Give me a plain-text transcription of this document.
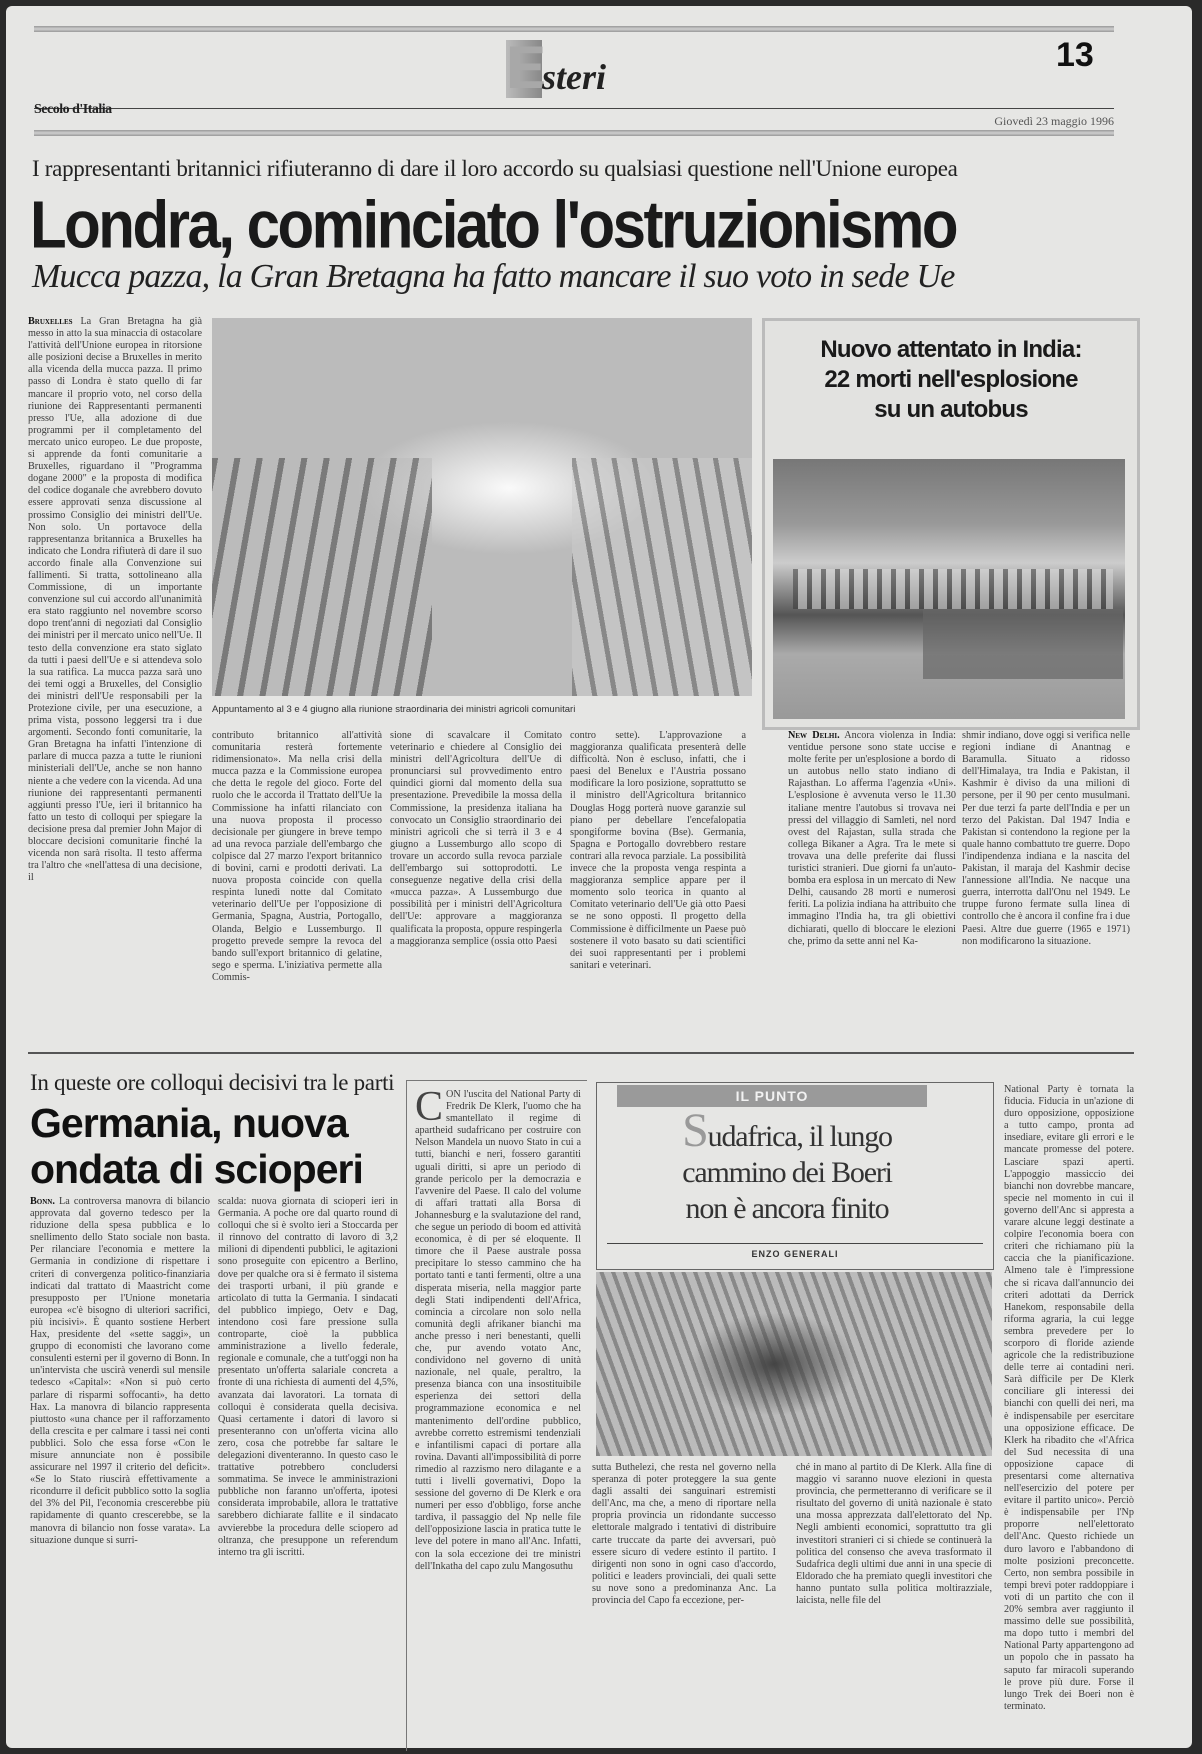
E
steri
13
Secolo d'Italia
Giovedì 23 maggio 1996
I rappresentanti britannici rifiuteranno di dare il loro accordo su qualsiasi questione nell'Unione europea
Londra, cominciato l'ostruzionismo
Mucca pazza, la Gran Bretagna ha fatto mancare il suo voto in sede Ue
Bruxelles La Gran Bretagna ha già messo in atto la sua minaccia di ostacolare l'attività dell'Unione europea in ritorsione alle posizioni decise a Bruxelles in merito alla vicenda della mucca pazza. Il primo passo di Londra è stato quello di far mancare il proprio voto, nel corso della riunione dei Rappresentanti permanenti presso l'Ue, alla adozione di due programmi per il completamento del mercato unico europeo. Le due proposte, si apprende da fonti comunitarie a Bruxelles, riguardano il "Programma dogane 2000" e la proposta di modifica del codice doganale che avrebbero dovuto essere approvati senza discussione al prossimo Consiglio dei ministri dell'Ue. Non solo. Un portavoce della rappresentanza britannica a Bruxelles ha indicato che Londra rifiuterà di dare il suo accordo finale alla Convenzione sui fallimenti. Si tratta, sottolineano alla Commissione, di un importante convenzione sul cui accordo all'unanimità era stato raggiunto nel novembre scorso dopo trent'anni di negoziati dal Consiglio dei ministri per il mercato unico nell'Ue. Il testo della convenzione era stato siglato da tutti i paesi dell'Ue e si attendeva solo la sua ratifica. La mucca pazza sarà uno dei temi oggi a Bruxelles, del Consiglio dei ministri dell'Ue responsabili per la Protezione civile, per una esecuzione, a prima vista, possono leggersi tra i due argomenti. Secondo fonti comunitarie, la Gran Bretagna ha infatti l'intenzione di parlare di mucca pazza a tutte le riunioni ministeriali dell'Ue, anche se non hanno niente a che vedere con la vicenda. Ad una riunione dei rappresentanti permanenti aggiunti presso l'Ue, ieri il britannico ha fatto un testo di colloqui per spiegare la decisione presa dal premier John Major di bloccare decisioni comunitarie finché la vicenda non sarà risolta. Il testo afferma tra l'altro che «nell'attesa di una decisione, il
Appuntamento al 3 e 4 giugno alla riunione straordinaria dei ministri agricoli comunitari
contributo britannico all'attività comunitaria resterà fortemente ridimensionato». Ma nella crisi della mucca pazza e la Commissione europea che detta le regole del gioco. Forte del ruolo che le accorda il Trattato dell'Ue la Commissione ha infatti rilanciato con una nuova proposta il processo decisionale per giungere in breve tempo ad una revoca parziale dell'embargo che colpisce dal 27 marzo l'export britannico di bovini, carni e prodotti derivati. La nuova proposta coincide con quella respinta lunedì notte dal Comitato veterinario dell'Ue per l'opposizione di Germania, Spagna, Austria, Portogallo, Olanda, Belgio e Lussemburgo. Il progetto prevede sempre la revoca del bando sull'export britannico di gelatine, sego e sperma. L'iniziativa permette alla Commis-
sione di scavalcare il Comitato veterinario e chiedere al Consiglio dei ministri dell'Agricoltura dell'Ue di pronunciarsi sul provvedimento entro quindici giorni dal momento della sua presentazione. Prevedibile la mossa della Commissione, la presidenza italiana ha convocato un Consiglio straordinario dei ministri agricoli che si terrà il 3 e 4 giugno a Lussemburgo allo scopo di trovare un accordo sulla revoca parziale dell'embargo sui sottoprodotti. Le conseguenze negative della crisi della «mucca pazza». A Lussemburgo due possibilità per i ministri dell'Agricoltura dell'Ue: approvare a maggioranza qualificata la proposta, oppure respingerla a maggioranza semplice (ossia otto Paesi
contro sette). L'approvazione a maggioranza qualificata presenterà delle difficoltà. Non è escluso, infatti, che i paesi del Benelux e l'Austria possano modificare la loro posizione, soprattutto se il ministro dell'Agricoltura britannico Douglas Hogg porterà nuove garanzie sul piano per debellare l'encefalopatia spongiforme bovina (Bse). Germania, Spagna e Portogallo dovrebbero restare contrari alla revoca parziale. La possibilità invece che la proposta venga respinta a maggioranza semplice appare per il momento solo teorica in quanto al Comitato veterinario dell'Ue già otto Paesi se ne sono opposti. Il progetto della Commissione è difficilmente un Paese può sostenere il voto basato su dati scientifici dei suoi rappresentanti per i problemi sanitari e veterinari.
Nuovo attentato in India:
22 morti nell'esplosione
su un autobus
New Delhi. Ancora violenza in India: ventidue persone sono state uccise e molte ferite per un'esplosione a bordo di un autobus nello stato indiano di Rajasthan. Lo afferma l'agenzia «Uni». L'esplosione è avvenuta verso le 11.30 italiane mentre l'autobus si trovava nei pressi del villaggio di Samleti, nel nord ovest del Rajastan, sulla strada che collega Bikaner a Agra. Tra le mete si trovava una delle preferite dai flussi turistici stranieri. Due giorni fa un'auto-bomba era esplosa in un mercato di New Delhi, causando 28 morti e numerosi feriti. La polizia indiana ha attribuito che immagino l'India ha, tra gli obiettivi dichiarati, quello di bloccare le elezioni che, primo da sette anni nel Ka-
shmir indiano, dove oggi si verifica nelle regioni indiane di Anantnag e Baramulla. Situato a ridosso dell'Himalaya, tra India e Pakistan, il Kashmir è diviso da una milioni di persone, per il 90 per cento musulmani. Per due terzi fa parte dell'India e per un terzo del Pakistan. Dal 1947 India e Pakistan si contendono la regione per la quale hanno combattuto tre guerre. Dopo l'indipendenza indiana e la nascita del Pakistan, il maraja del Kashmir decise l'annessione all'India. Ne nacque una guerra, interrotta dall'Onu nel 1949. Le truppe furono fermate sulla linea di controllo che è ancora il confine fra i due Paesi. Altre due guerre (1965 e 1971) non modificarono la situazione.
In queste ore colloqui decisivi tra le parti
Germania, nuova
ondata di scioperi
Bonn. La controversa manovra di bilancio approvata dal governo tedesco per la riduzione della spesa pubblica e lo snellimento dello Stato sociale non basta. Per rilanciare l'economia e mettere la Germania in condizione di rispettare i criteri di convergenza politico-finanziaria indicati dal trattato di Maastricht come presupposto per l'Unione monetaria europea «c'è bisogno di ulteriori sacrifici, più incisivi». È quanto sostiene Herbert Hax, presidente del «sette saggi», un gruppo di economisti che lavorano come consulenti esterni per il governo di Bonn. In un'intervista che uscirà venerdì sul mensile tedesco «Capital»: «Non si può certo parlare di risparmi soffocanti», ha detto Hax. La manovra di bilancio rappresenta piuttosto «una chance per il rafforzamento della crescita e per calmare i tassi nei conti pubblici. Solo che essa forse «Con le misure annunciate non è possibile assicurare nel 1997 il criterio del deficit». «Se lo Stato riuscirà effettivamente a ricondurre il deficit pubblico sotto la soglia del 3% del Pil, l'economia crescerebbe più rapidamente di quanto crescerebbe, se la manovra di bilancio non fosse varata». La situazione dunque si surri-
scalda: nuova giornata di scioperi ieri in Germania. A poche ore dal quarto round di colloqui che si è svolto ieri a Stoccarda per il rinnovo del contratto di lavoro di 3,2 milioni di dipendenti pubblici, le agitazioni sono proseguite con epicentro a Berlino, dove per qualche ora si è fermato il sistema dei trasporti urbani, il più grande e articolato di tutta la Germania. I sindacati del pubblico impiego, Oetv e Dag, intendono così fare pressione sulla controparte, cioè la pubblica amministrazione a livello federale, regionale e comunale, che a tutt'oggi non ha presentato un'offerta salariale concreta a fronte di una richiesta di aumenti del 4,5%, avanzata dai lavoratori. La tornata di colloqui è considerata quella decisiva. Quasi certamente i datori di lavoro si presenteranno con un'offerta vicina allo zero, cosa che potrebbe far saltare le delegazioni diventeranno. In questo caso le trattative potrebbero concludersi sommatima. Se invece le amministrazioni pubbliche non faranno un'offerta, ipotesi considerata improbabile, allora le trattative sarebbero dichiarate fallite e il sindacato avvierebbe la procedura delle sciopero ad oltranza, che presuppone un referendum interno tra gli iscritti.
CON l'uscita del National Party di Fredrik De Klerk, l'uomo che ha smantellato il regime di apartheid sudafricano per costruire con Nelson Mandela un nuovo Stato in cui a tutti, bianchi e neri, fossero garantiti uguali diritti, si apre un periodo di grande pericolo per la democrazia e l'avvenire del Paese. Il calo del volume di affari trattati alla Borsa di Johannesburg e la svalutazione del rand, che segue un periodo di boom ed attività economica, è di per sé eloquente. Il timore che il Paese australe possa precipitare lo stesso cammino che ha portato tanti e tanti fermenti, oltre a una disperata miseria, nella maggior parte degli Stati indipendenti dell'Africa, comincia a circolare non solo nella comunità degli afrikaner bianchi ma anche presso i neri benestanti, quelli che, pur avendo votato Anc, condividono nel governo di unità nazionale, nel quale, peraltro, la presenza bianca con una insostituibile esperienza dei settori della programmazione economica e nel mantenimento dell'ordine pubblico, avrebbe corretto estremismi tendenziali e infantilismi capaci di portare alla rovina. Davanti all'impossibilità di porre rimedio al razzismo nero dilagante e a tutti i livelli governativi, Dopo la sessione del governo di De Klerk e ora numeri per esso d'obbligo, forse anche tardiva, il passaggio del Np nelle file dell'opposizione lascia in pratica tutte le leve del potere in mano all'Anc. Infatti, con la sola eccezione dei tre ministri dell'Inkatha del capo zulu Mangosuthu
IL PUNTO
Sudafrica, il lungo
cammino dei Boeri
non è ancora finito
ENZO GENERALI
sutta Buthelezi, che resta nel governo nella speranza di poter proteggere la sua gente dagli assalti dei sanguinari estremisti dell'Anc, ma che, a meno di riportare nella propria provincia un ridondante successo elettorale malgrado i tentativi di distribuire carte truccate da parte dei avversari, può essere sicuro di vedere estinto il partito. I dirigenti non sono in ogni caso d'accordo, politici e leaders provinciali, dei quali sette su nove sono a predominanza Anc. La provincia del Capo fa eccezione, per-
ché in mano al partito di De Klerk. Alla fine di maggio vi saranno nuove elezioni in questa provincia, che permetteranno di verificare se il risultato del governo di unità nazionale è stato una mossa apprezzata dall'elettorato del Np. Negli ambienti economici, soprattutto tra gli investitori stranieri ci si chiede se continuerà la politica del consenso che aveva trasformato il Sudafrica degli ultimi due anni in una specie di Eldorado che ha premiato quegli investitori che hanno puntato sulla politica moltirazziale, laicista, nelle file del
National Party è tornata la fiducia. Fiducia in un'azione di duro opposizione, opposizione a tutto campo, pronta ad insediare, evitare gli errori e le mancate promesse del potere. Lasciare spazi aperti. L'appoggio massiccio dei bianchi non dovrebbe mancare, specie nel momento in cui il governo dell'Anc si appresta a varare alcune leggi destinate a colpire l'economia boera con criteri che richiamano più la caccia che la pianificazione. Almeno tale è l'impressione che si ricava dall'annuncio dei criteri adottati da Derrick Hanekom, responsabile della riforma agraria, la cui legge sembra prevedere per lo scorporo di floride aziende agricole che la redistribuzione delle terre ai contadini neri. Sarà difficile per De Klerk conciliare gli interessi dei bianchi con quelli dei neri, ma è indispensabile per esercitare una opposizione efficace. De Klerk ha ribadito che «l'Africa del Sud necessita di una opposizione capace di presentarsi come alternativa nell'esercizio del potere per evitare il partito unico». Perciò è indispensabile per l'Np proporre nell'elettorato dell'Anc. Questo richiede un duro lavoro e l'abbandono di molte posizioni preconcette. Certo, non sembra possibile in tempi brevi poter raddoppiare i voti di un partito che con il 20% sembra aver raggiunto il massimo delle sue possibilità, ma dopo tutto i membri del National Party appartengono ad un popolo che in passato ha saputo far miracoli superando le prove più dure. Forse il lungo Trek dei Boeri non è terminato.
